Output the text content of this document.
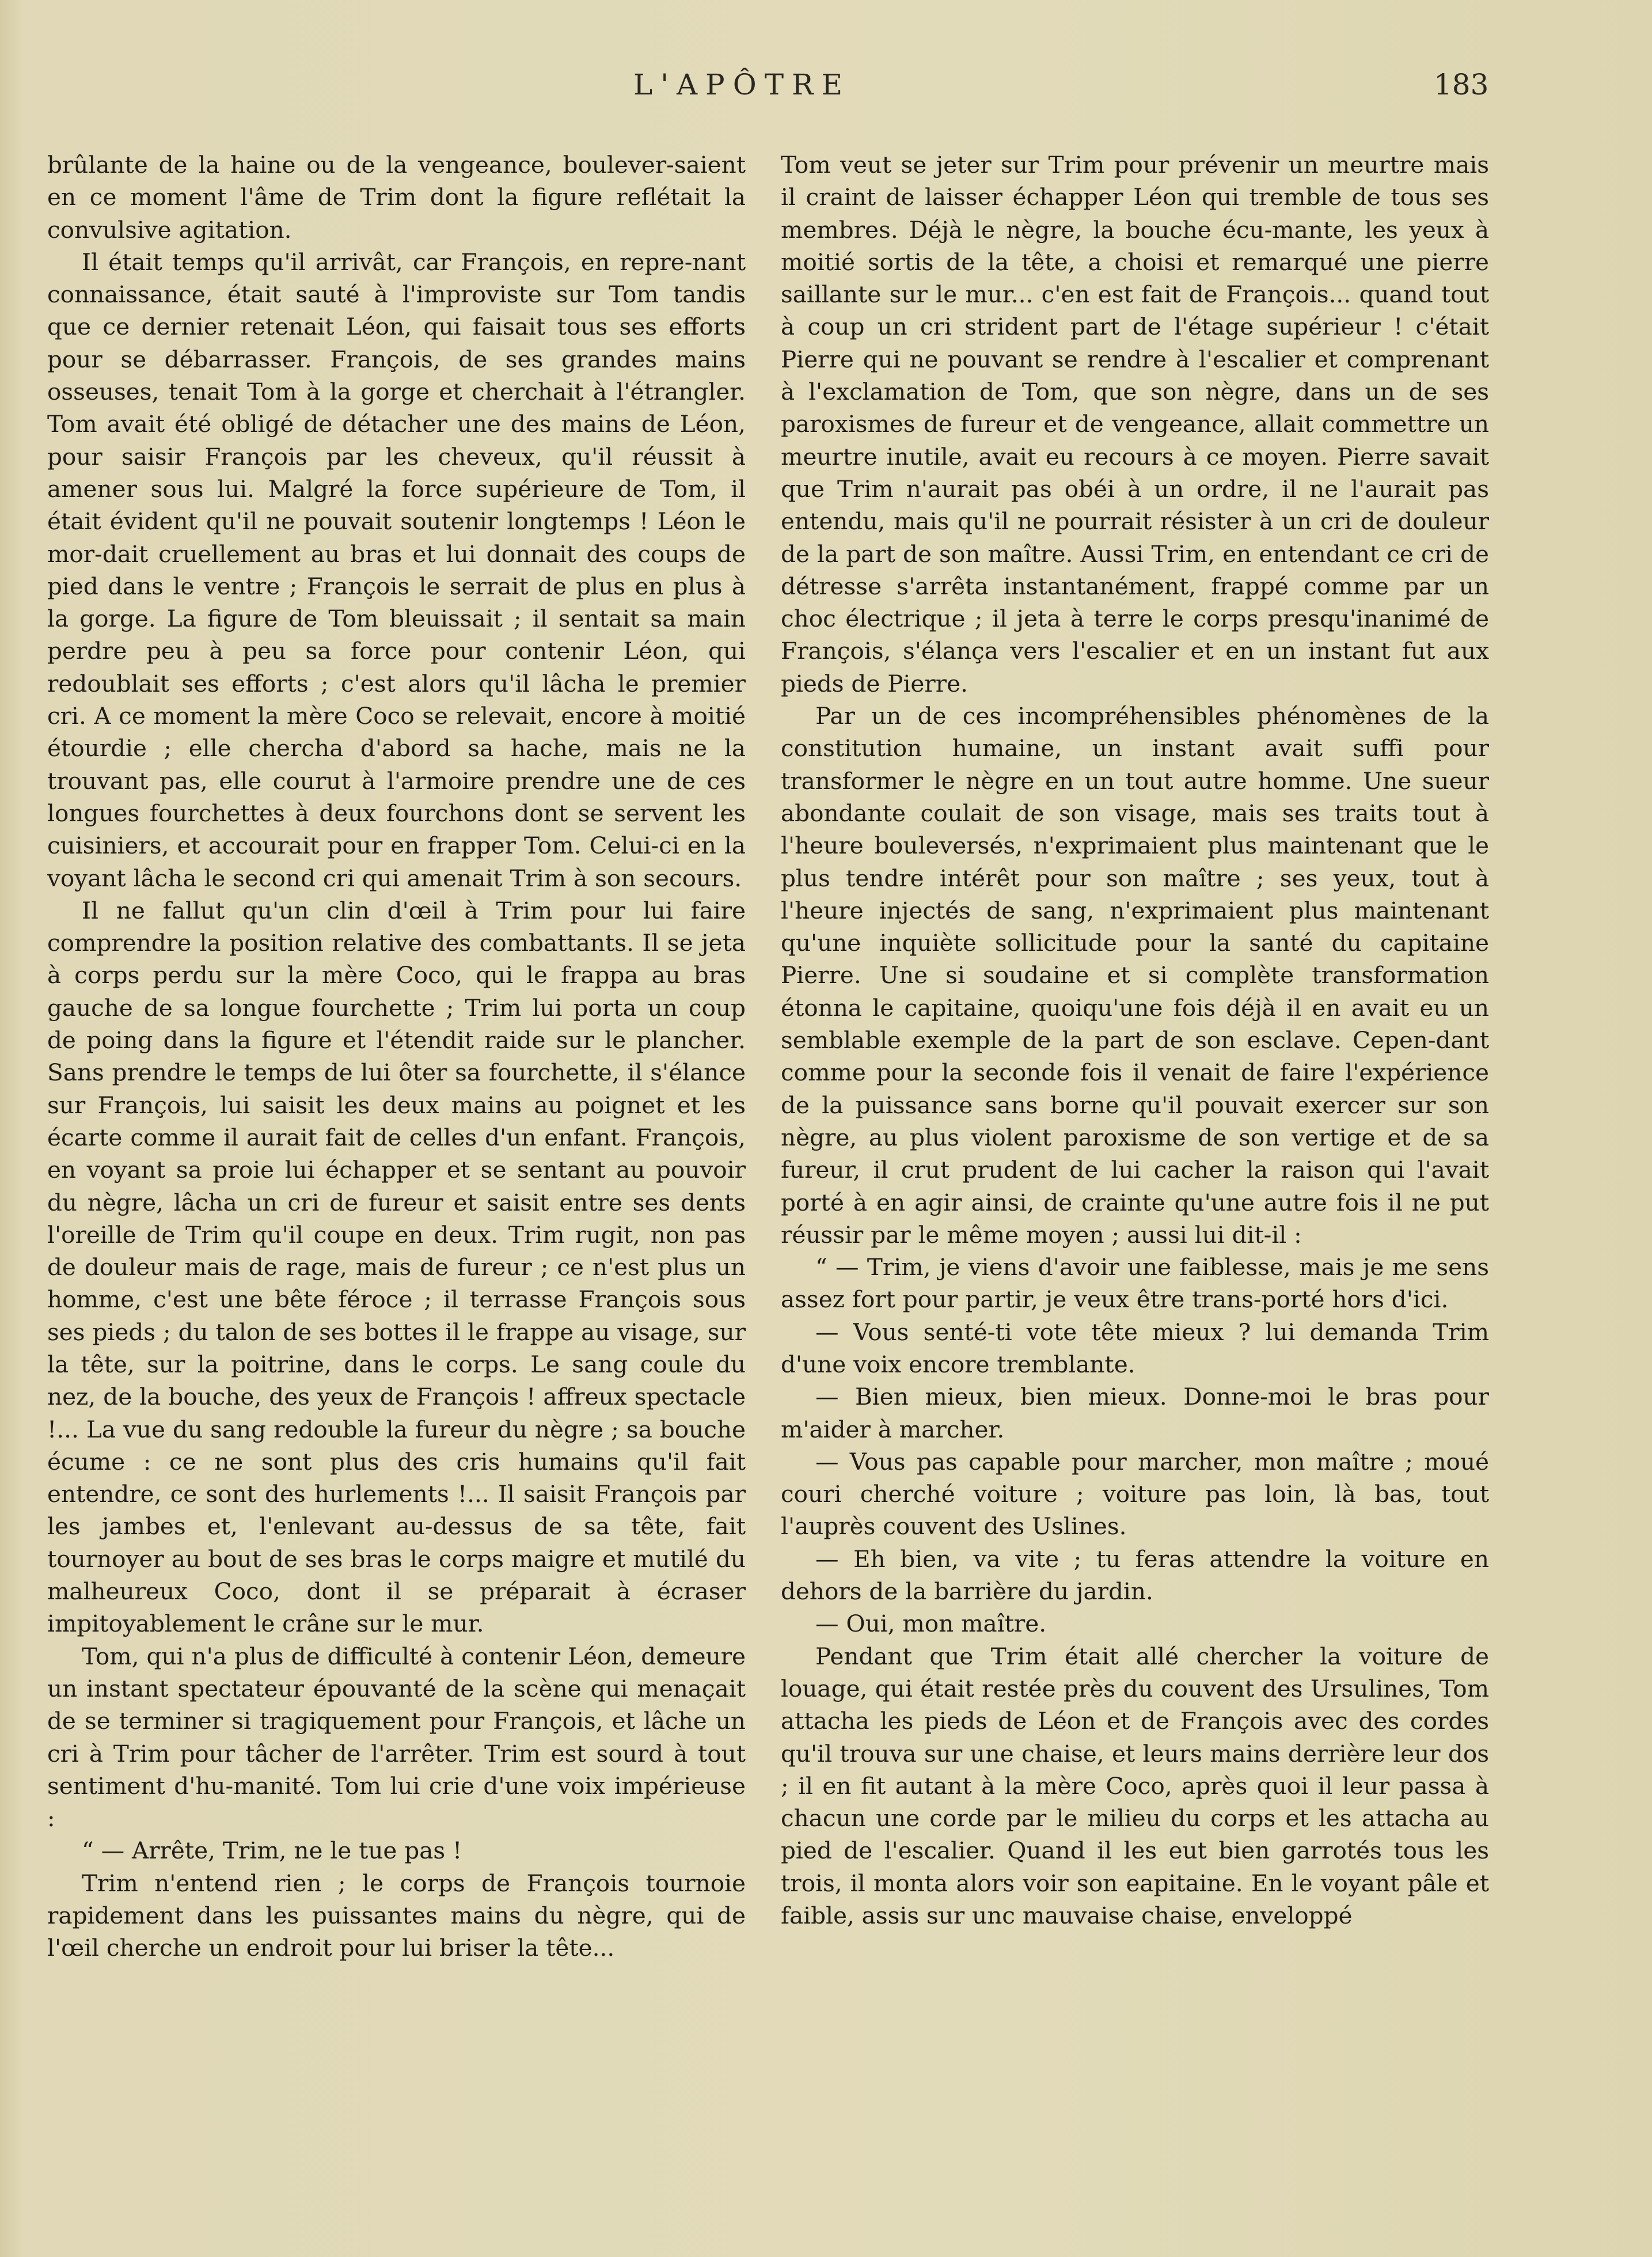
L'APÔTRE	183

brûlante de la haine ou de la vengeance, boulever-saient en ce moment l'âme de Trim dont la figure reflétait la convulsive agitation.

Il était temps qu'il arrivât, car François, en repre-nant connaissance, était sauté à l'improviste sur Tom tandis que ce dernier retenait Léon, qui faisait tous ses efforts pour se débarrasser. François, de ses grandes mains osseuses, tenait Tom à la gorge et cherchait à l'étrangler. Tom avait été obligé de détacher une des mains de Léon, pour saisir François par les cheveux, qu'il réussit à amener sous lui. Malgré la force supérieure de Tom, il était évident qu'il ne pouvait soutenir longtemps ! Léon le mor-dait cruellement au bras et lui donnait des coups de pied dans le ventre ; François le serrait de plus en plus à la gorge. La figure de Tom bleuissait ; il sentait sa main perdre peu à peu sa force pour contenir Léon, qui redoublait ses efforts ; c'est alors qu'il lâcha le premier cri. A ce moment la mère Coco se relevait, encore à moitié étourdie ; elle chercha d'abord sa hache, mais ne la trouvant pas, elle courut à l'armoire prendre une de ces longues fourchettes à deux fourchons dont se servent les cuisiniers, et accourait pour en frapper Tom. Celui-ci en la voyant lâcha le second cri qui amenait Trim à son secours.

Il ne fallut qu'un clin d'œil à Trim pour lui faire comprendre la position relative des combattants. Il se jeta à corps perdu sur la mère Coco, qui le frappa au bras gauche de sa longue fourchette ; Trim lui porta un coup de poing dans la figure et l'étendit raide sur le plancher. Sans prendre le temps de lui ôter sa fourchette, il s'élance sur François, lui saisit les deux mains au poignet et les écarte comme il aurait fait de celles d'un enfant. François, en voyant sa proie lui échapper et se sentant au pouvoir du nègre, lâcha un cri de fureur et saisit entre ses dents l'oreille de Trim qu'il coupe en deux. Trim rugit, non pas de douleur mais de rage, mais de fureur ; ce n'est plus un homme, c'est une bête féroce ; il terrasse François sous ses pieds ; du talon de ses bottes il le frappe au visage, sur la tête, sur la poitrine, dans le corps. Le sang coule du nez, de la bouche, des yeux de François ! affreux spectacle !... La vue du sang redouble la fureur du nègre ; sa bouche écume : ce ne sont plus des cris humains qu'il fait entendre, ce sont des hurlements !... Il saisit François par les jambes et, l'enlevant au-dessus de sa tête, fait tournoyer au bout de ses bras le corps maigre et mutilé du malheureux Coco, dont il se préparait à écraser impitoyablement le crâne sur le mur.

Tom, qui n'a plus de difficulté à contenir Léon, demeure un instant spectateur épouvanté de la scène qui menaçait de se terminer si tragiquement pour François, et lâche un cri à Trim pour tâcher de l'arrêter. Trim est sourd à tout sentiment d'hu-manité. Tom lui crie d'une voix impérieuse :

“ — Arrête, Trim, ne le tue pas !

Trim n'entend rien ; le corps de François tournoie rapidement dans les puissantes mains du nègre, qui de l'œil cherche un endroit pour lui briser la tête...

Tom veut se jeter sur Trim pour prévenir un meurtre mais il craint de laisser échapper Léon qui tremble de tous ses membres. Déjà le nègre, la bouche écu-mante, les yeux à moitié sortis de la tête, a choisi et remarqué une pierre saillante sur le mur... c'en est fait de François... quand tout à coup un cri strident part de l'étage supérieur ! c'était Pierre qui ne pouvant se rendre à l'escalier et comprenant à l'exclamation de Tom, que son nègre, dans un de ses paroxismes de fureur et de vengeance, allait commettre un meurtre inutile, avait eu recours à ce moyen. Pierre savait que Trim n'aurait pas obéi à un ordre, il ne l'aurait pas entendu, mais qu'il ne pourrait résister à un cri de douleur de la part de son maître. Aussi Trim, en entendant ce cri de détresse s'arrêta instantanément, frappé comme par un choc électrique ; il jeta à terre le corps presqu'inanimé de François, s'élança vers l'escalier et en un instant fut aux pieds de Pierre.

Par un de ces incompréhensibles phénomènes de la constitution humaine, un instant avait suffi pour transformer le nègre en un tout autre homme. Une sueur abondante coulait de son visage, mais ses traits tout à l'heure bouleversés, n'exprimaient plus maintenant que le plus tendre intérêt pour son maître ; ses yeux, tout à l'heure injectés de sang, n'exprimaient plus maintenant qu'une inquiète sollicitude pour la santé du capitaine Pierre. Une si soudaine et si complète transformation étonna le capitaine, quoiqu'une fois déjà il en avait eu un semblable exemple de la part de son esclave. Cepen-dant comme pour la seconde fois il venait de faire l'expérience de la puissance sans borne qu'il pouvait exercer sur son nègre, au plus violent paroxisme de son vertige et de sa fureur, il crut prudent de lui cacher la raison qui l'avait porté à en agir ainsi, de crainte qu'une autre fois il ne put réussir par le même moyen ; aussi lui dit-il :

“ — Trim, je viens d'avoir une faiblesse, mais je me sens assez fort pour partir, je veux être trans-porté hors d'ici.

— Vous senté-ti vote tête mieux ? lui demanda Trim d'une voix encore tremblante.

— Bien mieux, bien mieux. Donne-moi le bras pour m'aider à marcher.

— Vous pas capable pour marcher, mon maître ; moué couri cherché voiture ; voiture pas loin, là bas, tout l'auprès couvent des Uslines.

— Eh bien, va vite ; tu feras attendre la voiture en dehors de la barrière du jardin.

— Oui, mon maître.

Pendant que Trim était allé chercher la voiture de louage, qui était restée près du couvent des Ursulines, Tom attacha les pieds de Léon et de François avec des cordes qu'il trouva sur une chaise, et leurs mains derrière leur dos ; il en fit autant à la mère Coco, après quoi il leur passa à chacun une corde par le milieu du corps et les attacha au pied de l'escalier. Quand il les eut bien garrotés tous les trois, il monta alors voir son eapitaine. En le voyant pâle et faible, assis sur unc mauvaise chaise, enveloppé
